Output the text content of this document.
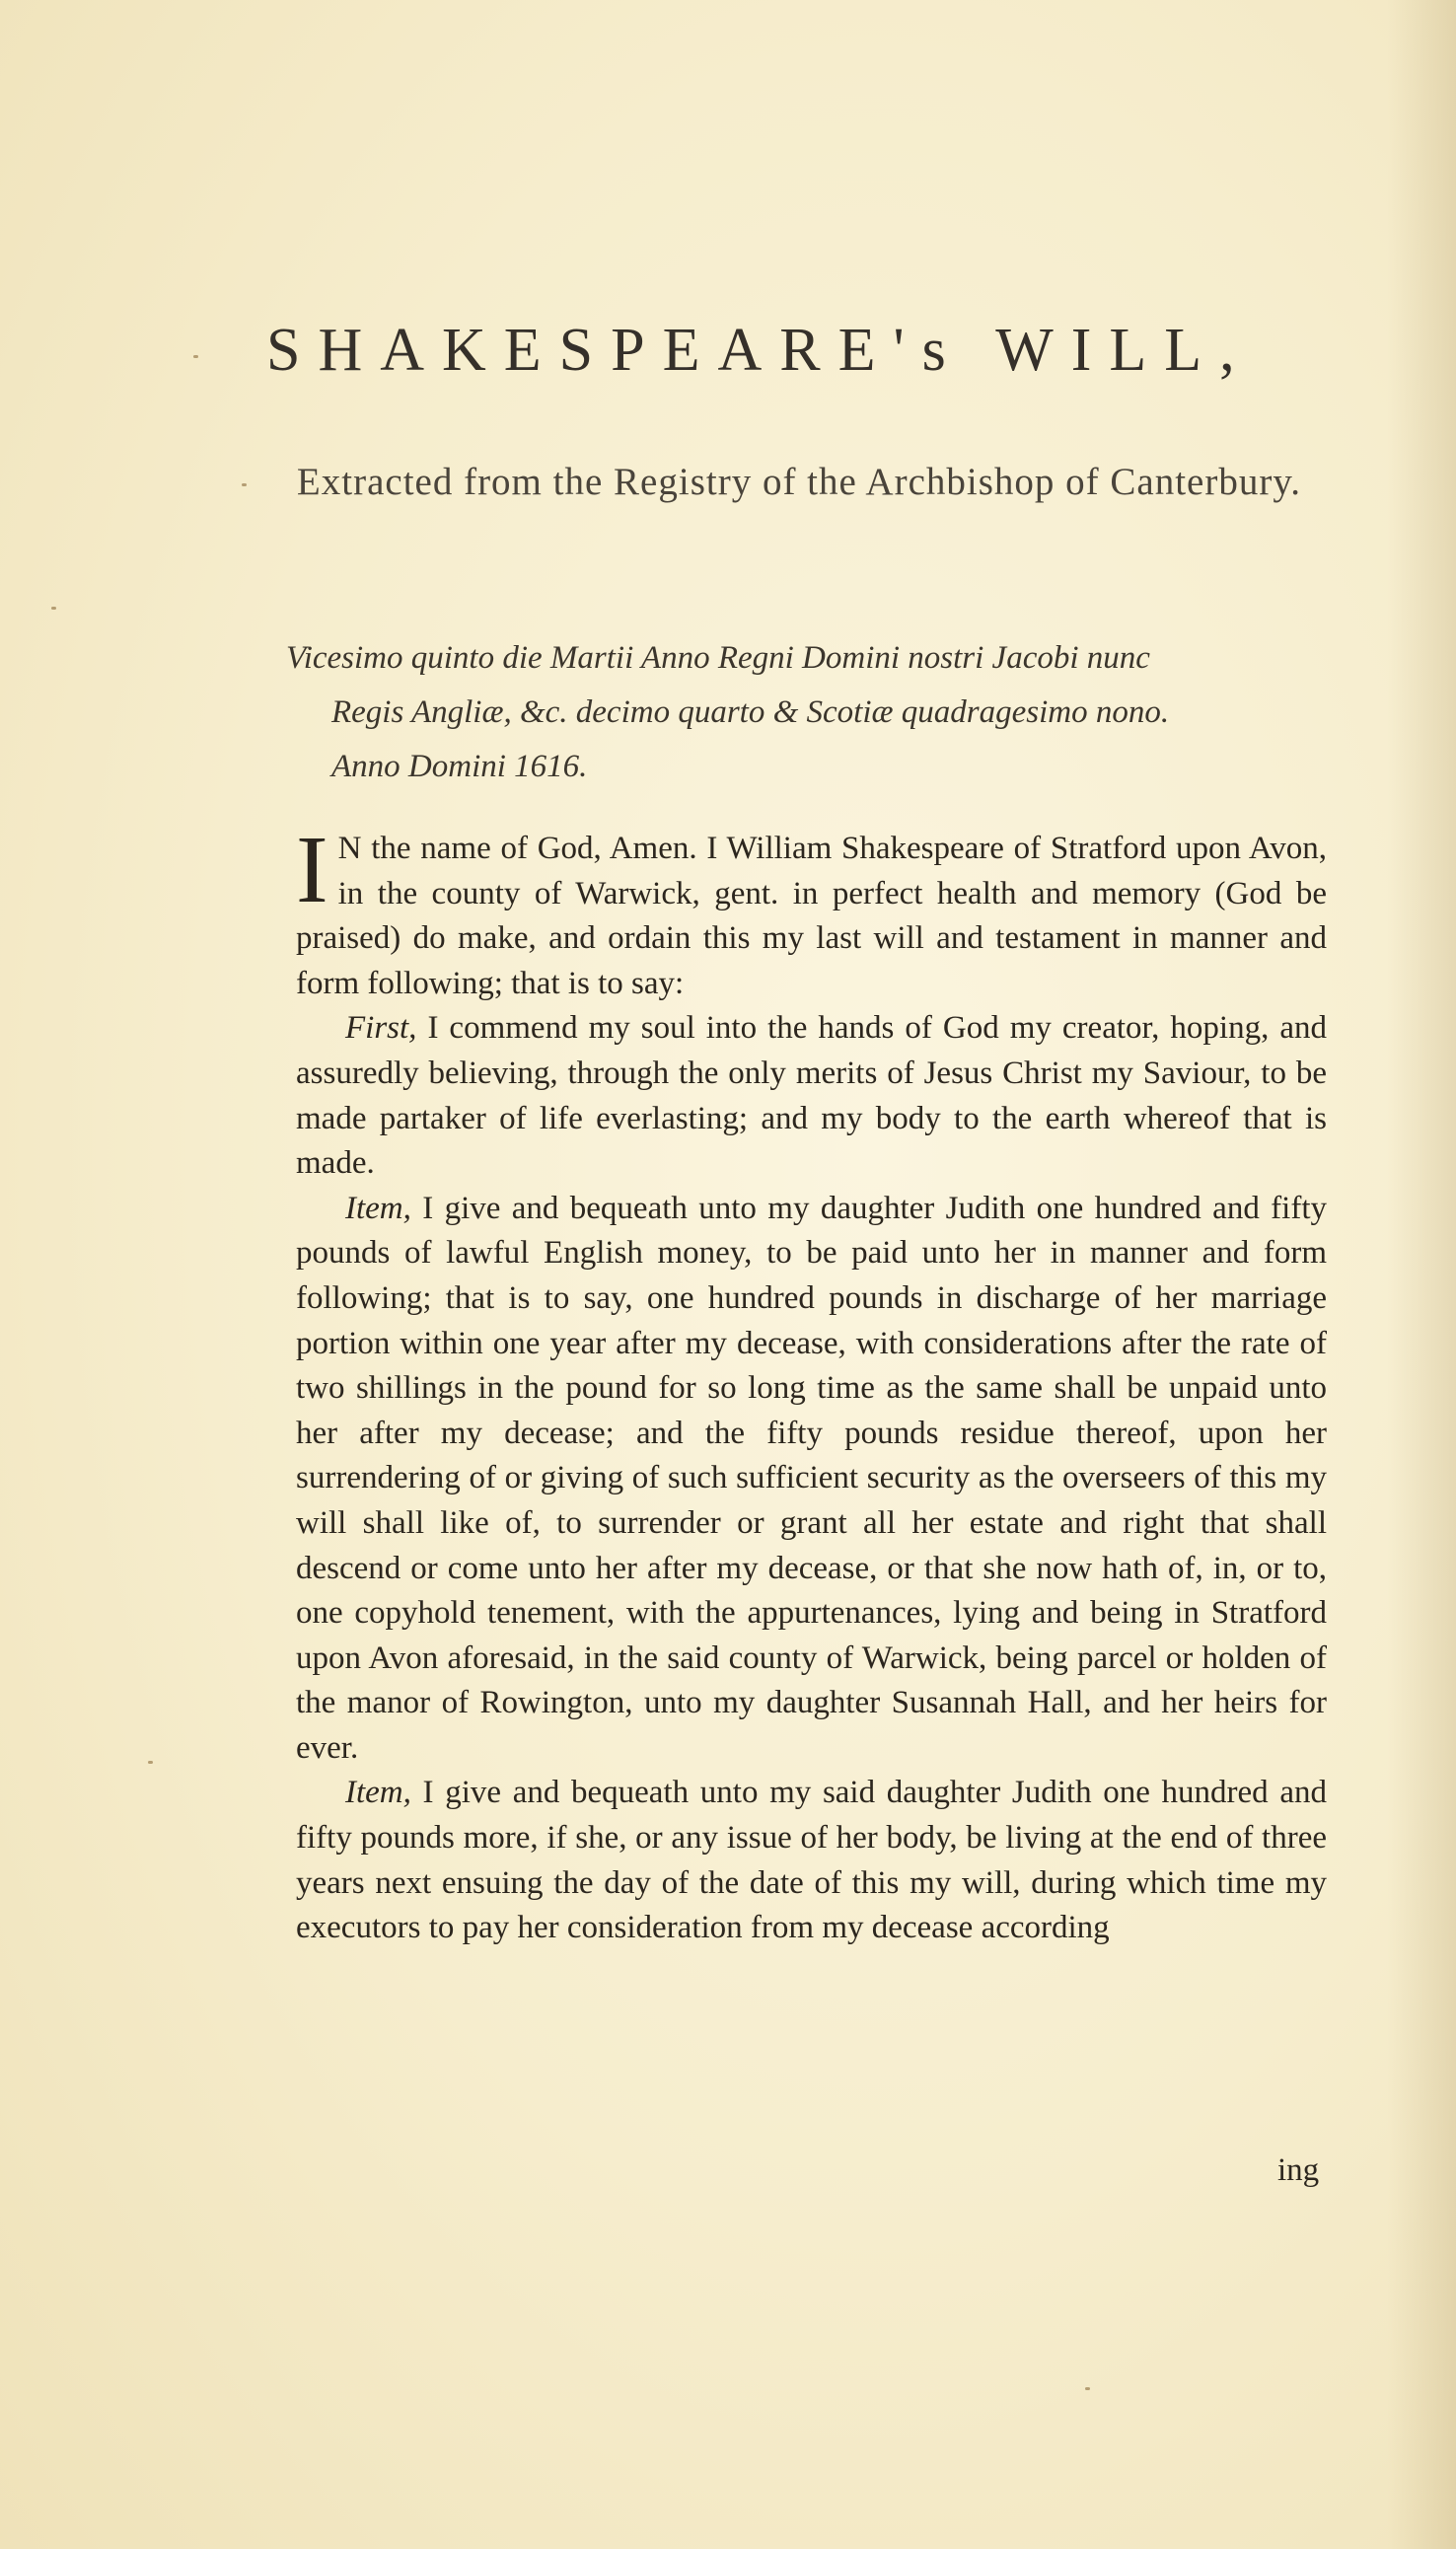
SHAKESPEARE's WILL,
Extracted from the Registry of the Archbishop of Canterbury.
Vicesimo quinto die Martii Anno Regni Domini nostri Jacobi nunc
Regis Angliæ, &c. decimo quarto & Scotiæ quadragesimo nono.
Anno Domini 1616.

I N the name of God, Amen. I William Shakespeare of Stratford upon Avon, in the county of Warwick, gent. in perfect health and memory (God be praised) do make, and ordain this my last will and testament in manner and form following; that is to say:

First, I commend my soul into the hands of God my creator, hoping, and assuredly believing, through the only merits of Jesus Christ my Saviour, to be made partaker of life everlasting; and my body to the earth whereof that is made.

Item, I give and bequeath unto my daughter Judith one hundred and fifty pounds of lawful English money, to be paid unto her in manner and form following; that is to say, one hundred pounds in discharge of her marriage portion within one year after my decease, with considerations after the rate of two shillings in the pound for so long time as the same shall be unpaid unto her after my decease; and the fifty pounds residue thereof, upon her surrendering of or giving of such sufficient security as the overseers of this my will shall like of, to surrender or grant all her estate and right that shall descend or come unto her after my decease, or that she now hath of, in, or to, one copyhold tenement, with the appurtenances, lying and being in Stratford upon Avon aforesaid, in the said county of Warwick, being parcel or holden of the manor of Rowington, unto my daughter Susannah Hall, and her heirs for ever.

Item, I give and bequeath unto my said daughter Judith one hundred and fifty pounds more, if she, or any issue of her body, be living at the end of three years next ensuing the day of the date of this my will, during which time my executors to pay her consideration from my decease according

ing
